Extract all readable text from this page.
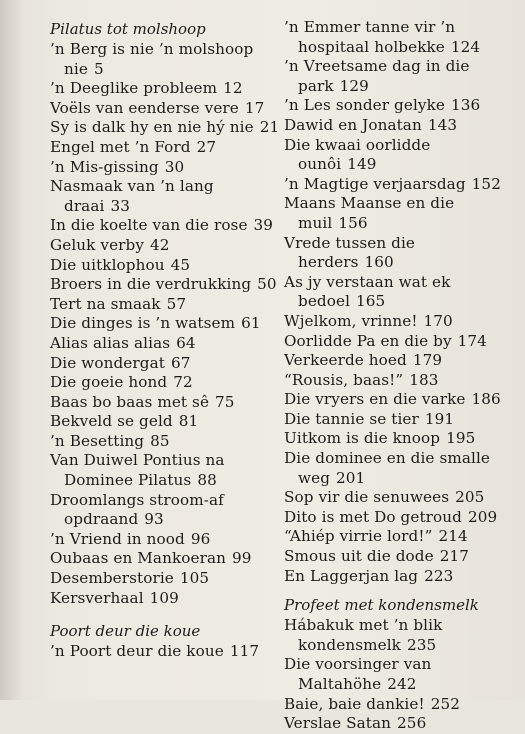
Pilatus tot molshoop
’n Berg is nie ’n molshoop nie 5
’n Deeglike probleem 12
Voëls van eenderse vere 17
Sy is dalk hy en nie hý nie 21
Engel met ’n Ford 27
’n Mis-gissing 30
Nasmaak van ’n lang draai 33
In die koelte van die rose 39
Geluk verby 42
Die uitklophou 45
Broers in die verdrukking 50
Tert na smaak 57
Die dinges is ’n watsem 61
Alias alias alias 64
Die wondergat 67
Die goeie hond 72
Baas bo baas met sê 75
Bekveld se geld 81
’n Besetting 85
Van Duiwel Pontius na Dominee Pilatus 88
Droomlangs stroom-af opdraand 93
’n Vriend in nood 96
Oubaas en Mankoeran 99
Desemberstorie 105
Kersverhaal 109
Poort deur die koue
’n Poort deur die koue 117
’n Emmer tanne vir ’n hospitaal holbekke 124
’n Vreetsame dag in die park 129
’n Les sonder gelyke 136
Dawid en Jonatan 143
Die kwaai oorlidde ounôi 149
’n Magtige verjaarsdag 152
Maans Maanse en die muil 156
Vrede tussen die herders 160
As jy verstaan wat ek bedoel 165
Wjelkom, vrinne! 170
Oorlidde Pa en die by 174
Verkeerde hoed 179
“Rousis, baas!” 183
Die vryers en die varke 186
Die tannie se tier 191
Uitkom is die knoop 195
Die dominee en die smalle weg 201
Sop vir die senuwees 205
Dito is met Do getroud 209
“Ahiép virrie lord!” 214
Smous uit die dode 217
En Laggerjan lag 223
Profeet met kondensmelk
Hábakuk met ’n blik kondensmelk 235
Die voorsinger van Maltahöhe 242
Baie, baie dankie! 252
Verslae Satan 256
